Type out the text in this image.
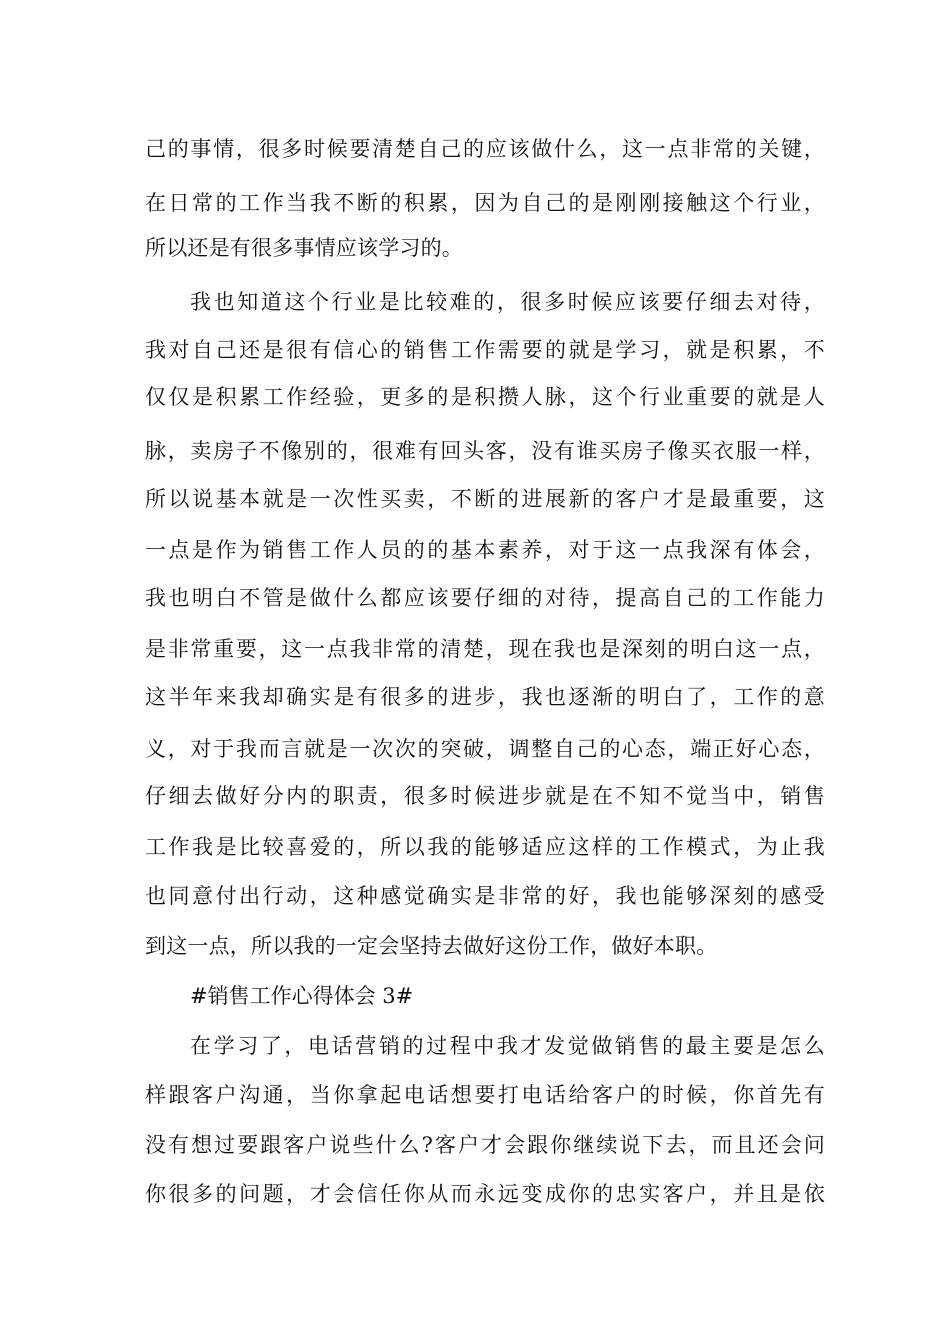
己的事情，很多时候要清楚自己的应该做什么，这一点非常的关键，
在日常的工作当我不断的积累，因为自己的是刚刚接触这个行业，
所以还是有很多事情应该学习的。
我也知道这个行业是比较难的，很多时候应该要仔细去对待，
我对自己还是很有信心的销售工作需要的就是学习，就是积累，不
仅仅是积累工作经验，更多的是积攒人脉，这个行业重要的就是人
脉，卖房子不像别的，很难有回头客，没有谁买房子像买衣服一样，
所以说基本就是一次性买卖，不断的进展新的客户才是最重要，这
一点是作为销售工作人员的的基本素养，对于这一点我深有体会，
我也明白不管是做什么都应该要仔细的对待，提高自己的工作能力
是非常重要，这一点我非常的清楚，现在我也是深刻的明白这一点，
这半年来我却确实是有很多的进步，我也逐渐的明白了，工作的意
义，对于我而言就是一次次的突破，调整自己的心态，端正好心态，
仔细去做好分内的职责，很多时候进步就是在不知不觉当中，销售
工作我是比较喜爱的，所以我的能够适应这样的工作模式，为止我
也同意付出行动，这种感觉确实是非常的好，我也能够深刻的感受
到这一点，所以我的一定会坚持去做好这份工作，做好本职。
#销售工作心得体会 3#
在学习了，电话营销的过程中我才发觉做销售的最主要是怎么
样跟客户沟通，当你拿起电话想要打电话给客户的时候，你首先有
没有想过要跟客户说些什么?客户才会跟你继续说下去，而且还会问
你很多的问题，才会信任你从而永远变成你的忠实客户，并且是依
